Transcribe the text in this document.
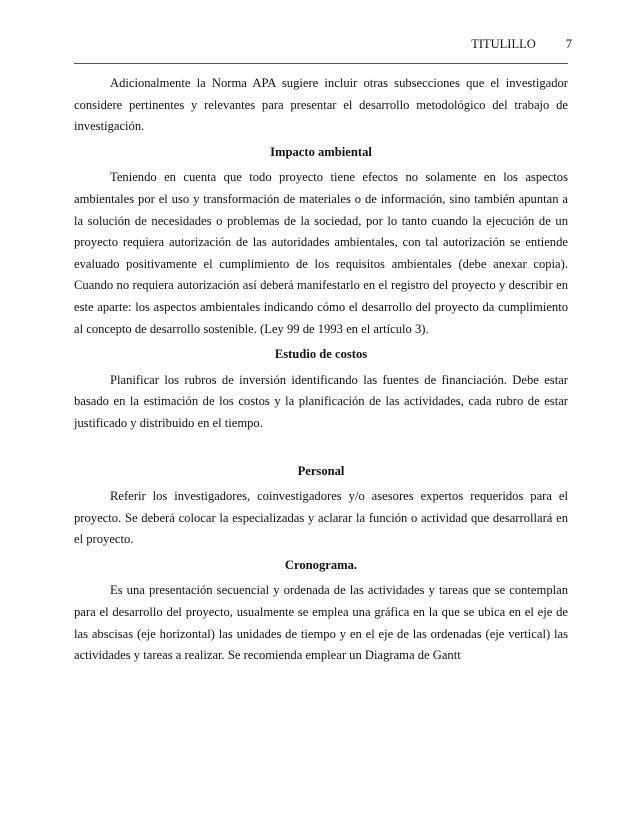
TITULILLO 7

Adicionalmente la Norma APA sugiere incluir otras subsecciones que el investigador considere pertinentes y relevantes para presentar el desarrollo metodológico del trabajo de investigación.

Impacto ambiental

Teniendo en cuenta que todo proyecto tiene efectos no solamente en los aspectos ambientales por el uso y transformación de materiales o de información, sino también apuntan a la solución de necesidades o problemas de la sociedad, por lo tanto cuando la ejecución de un proyecto requiera autorización de las autoridades ambientales, con tal autorización se entiende evaluado positivamente el cumplimiento de los requisitos ambientales (debe anexar copia). Cuando no requiera autorización así deberá manifestarlo en el registro del proyecto y describir en este aparte: los aspectos ambientales indicando cómo el desarrollo del proyecto da cumplimiento al concepto de desarrollo sostenible. (Ley 99 de 1993 en el artículo 3).

Estudio de costos

Planificar los rubros de inversión identificando las fuentes de financiación. Debe estar basado en la estimación de los costos y la planificación de las actividades, cada rubro de estar justificado y distribuido en el tiempo.

Personal

Referir los investigadores, coinvestigadores y/o asesores expertos requeridos para el proyecto. Se deberá colocar la especializadas y aclarar la función o actividad que desarrollará en el proyecto.

Cronograma.

Es una presentación secuencial y ordenada de las actividades y tareas que se contemplan para el desarrollo del proyecto, usualmente se emplea una gráfica en la que se ubica en el eje de las abscisas (eje horizontal) las unidades de tiempo y en el eje de las ordenadas (eje vertical) las actividades y tareas a realizar. Se recomienda emplear un Diagrama de Gantt
